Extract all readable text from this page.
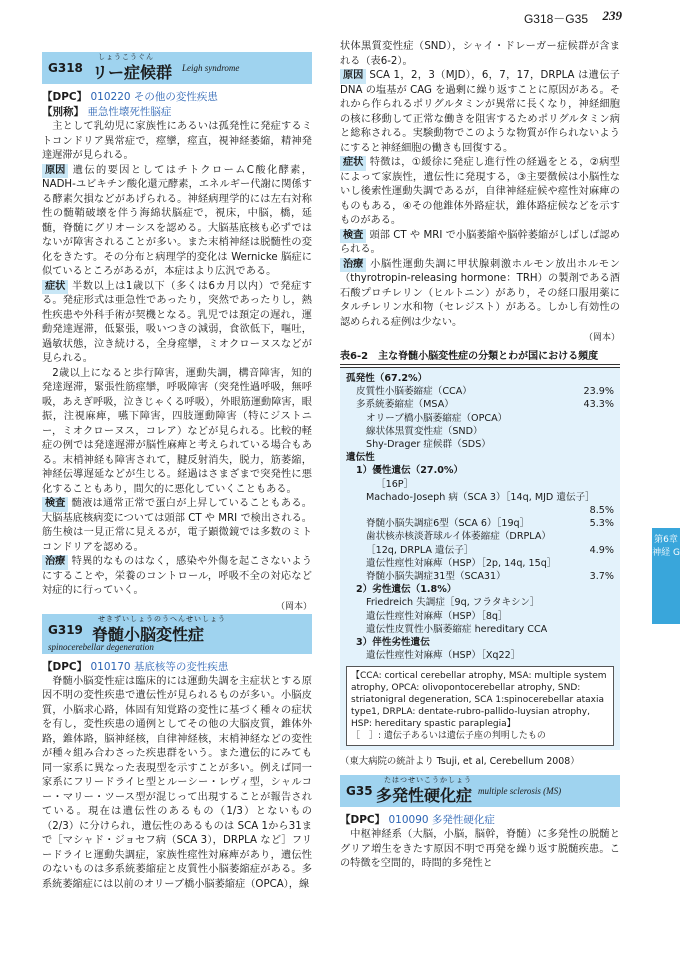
G318－G35 239
第6章 神経 G
G318
しょうこうぐん
リー症候群 Leigh syndrome
【DPC】 010220 その他の変性疾患
【別称】 亜急性壊死性脳症

主として乳幼児に家族性にあるいは孤発性に発症するミトコンドリア異常症で，痙攣，痙直，視神経萎縮，精神発達遅滞が見られる。

原因 遺伝的要因としてはチトクロームC酸化酵素，NADH-ユビキチン酸化還元酵素，エネルギー代謝に関係する酵素欠損などがあげられる。神経病理学的には左右対称性の髄鞘破壊を伴う海綿状脳症で，視床，中脳，橋，延髄，脊髄にグリオーシスを認める。大脳基底核も必ずではないが障害されることが多い。また末梢神経は脱髄性の変化をきたす。その分布と病理学的変化は Wernicke 脳症に似ているところがあるが，本症はより広汎である。

症状 半数以上は1歳以下（多くは6カ月以内）で発症する。発症形式は亜急性であったり，突然であったりし，熱性疾患や外科手術が契機となる。乳児では頚定の遅れ，運動発達遅滞，低緊張，吸いつきの減弱，食欲低下，嘔吐，過敏状態，泣き続ける，全身痙攣，ミオクローヌスなどが見られる。

2歳以上になると歩行障害，運動失調，構音障害，知的発達遅滞，緊張性筋痙攣，呼吸障害（突発性過呼吸，無呼吸，あえぎ呼吸，泣きじゃくる呼吸），外眼筋運動障害，眼振，注視麻痺，嚥下障害，四肢運動障害（特にジストニー，ミオクローヌス，コレア）などが見られる。比較的軽症の例では発達遅滞が脳性麻痺と考えられている場合もある。末梢神経も障害されて，腱反射消失，脱力，筋萎縮，神経伝導遅延などが生じる。経過はさまざまで突発性に悪化することもあり，間欠的に悪化していくこともある。

検査 髄液は通常正常で蛋白が上昇していることもある。大脳基底核病変については頭部 CT や MRI で検出される。筋生検は一見正常に見えるが，電子顕微鏡では多数のミトコンドリアを認める。

治療 特異的なものはなく，感染や外傷を起こさないようにすることや，栄養のコントロール，呼吸不全の対応など対症的に行っていく。

（岡本）
G319
せきずいしょうのうへんせいしょう
脊髄小脳変性症
spinocerebellar degeneration
【DPC】 010170 基底核等の変性疾患

脊髄小脳変性症は臨床的には運動失調を主症状とする原因不明の変性疾患で遺伝性が見られるものが多い。小脳皮質，小脳求心路，体固有知覚路の変性に基づく種々の症状を有し，変性疾患の通例としてその他の大脳皮質，錐体外路，錐体路，脳神経核，自律神経核，末梢神経などの変性が種々組み合わさった疾患群をいう。また遺伝的にみても同一家系に異なった表現型を示すことが多い。例えば同一家系にフリードライヒ型とルーシー・レヴィ型，シャルコー・マリー・ツース型が混じって出現することが報告されている。現在は遺伝性のあるもの（1/3）とないもの（2/3）に分けられ，遺伝性のあるものは SCA 1から31まで［マシャド・ジョセフ病（SCA 3），DRPLA など］フリードライヒ運動失調症，家族性痙性対麻痺があり，遺伝性のないものは多系統萎縮症と皮質性小脳萎縮症がある。多系統萎縮症には以前のオリーブ橋小脳萎縮症（OPCA），線

状体黒質変性症（SND），シャイ・ドレーガー症候群が含まれる（表6-2）。

原因 SCA 1，2，3（MJD），6，7，17，DRPLA は遺伝子 DNA の塩基が CAG を過剰に繰り返すことに原因がある。それから作られるポリグルタミンが異常に長くなり，神経細胞の核に移動して正常な働きを阻害するためポリグルタミン病と総称される。実験動物でこのような物質が作られないようにすると神経細胞の働きも回復する。

症状 特徴は，①緩徐に発症し進行性の経過をとる，②病型によって家族性，遺伝性に発現する，③主要徴候は小脳性ないし後索性運動失調であるが，自律神経症候や痙性対麻痺のものもある，④その他錐体外路症状，錐体路症候などを示すものがある。

検査 頭部 CT や MRI で小脳萎縮や脳幹萎縮がしばしば認められる。

治療 小脳性運動失調に甲状腺刺激ホルモン放出ホルモン（thyrotropin-releasing hormone：TRH）の製剤である酒石酸プロチレリン（ヒルトニン）があり，その経口服用薬にタルチレリン水和物（セレジスト）がある。しかし有効性の認められる症例は少ない。

（岡本）
表6-2　主な脊髄小脳変性症の分類とわが国における頻度
孤発性（67.2%）
皮質性小脳萎縮症（CCA）	23.9%
多系統萎縮症（MSA）	43.3%
オリーブ橋小脳萎縮症（OPCA）
線状体黒質変性症（SND）
Shy-Drager 症候群（SDS）
遺伝性
1）優性遺伝（27.0%）
［16P］
Machado-Joseph 病（SCA 3）［14q, MJD 遺伝子］
8.5%
脊髄小脳失調症6型（SCA 6）［19q］	5.3%
歯状核赤核淡蒼球ルイ体萎縮症（DRPLA）
［12q, DRPLA 遺伝子］	4.9%
遺伝性痙性対麻痺（HSP）［2p, 14q, 15q］
脊髄小脳失調症31型（SCA31）	3.7%
2）劣性遺伝（1.8%）
Friedreich 失調症［9q, フラタキシン］
遺伝性痙性対麻痺（HSP）［8q］
遺伝性皮質性小脳萎縮症 hereditary CCA
3）伴性劣性遺伝
遺伝性痙性対麻痺（HSP）［Xq22］
【CCA: cortical cerebellar atrophy, MSA: multiple system atrophy, OPCA: olivopontocerebellar atrophy, SND: striatonigral degeneration, SCA 1:spinocerebellar ataxia type1, DRPLA: dentate-rubro-pallido-luysian atrophy, HSP: hereditary spastic paraplegia】
［　］: 遺伝子あるいは遺伝子座の判明したもの
（東大病院の統計より Tsuji, et al, Cerebellum 2008）
G35
たはつせいこうかしょう
多発性硬化症 multiple sclerosis (MS)
【DPC】 010090 多発性硬化症

中枢神経系（大脳，小脳，脳幹，脊髄）に多発性の脱髄とグリア増生をきたす原因不明で再発を繰り返す脱髄疾患。この特徴を空間的，時間的多発性と
